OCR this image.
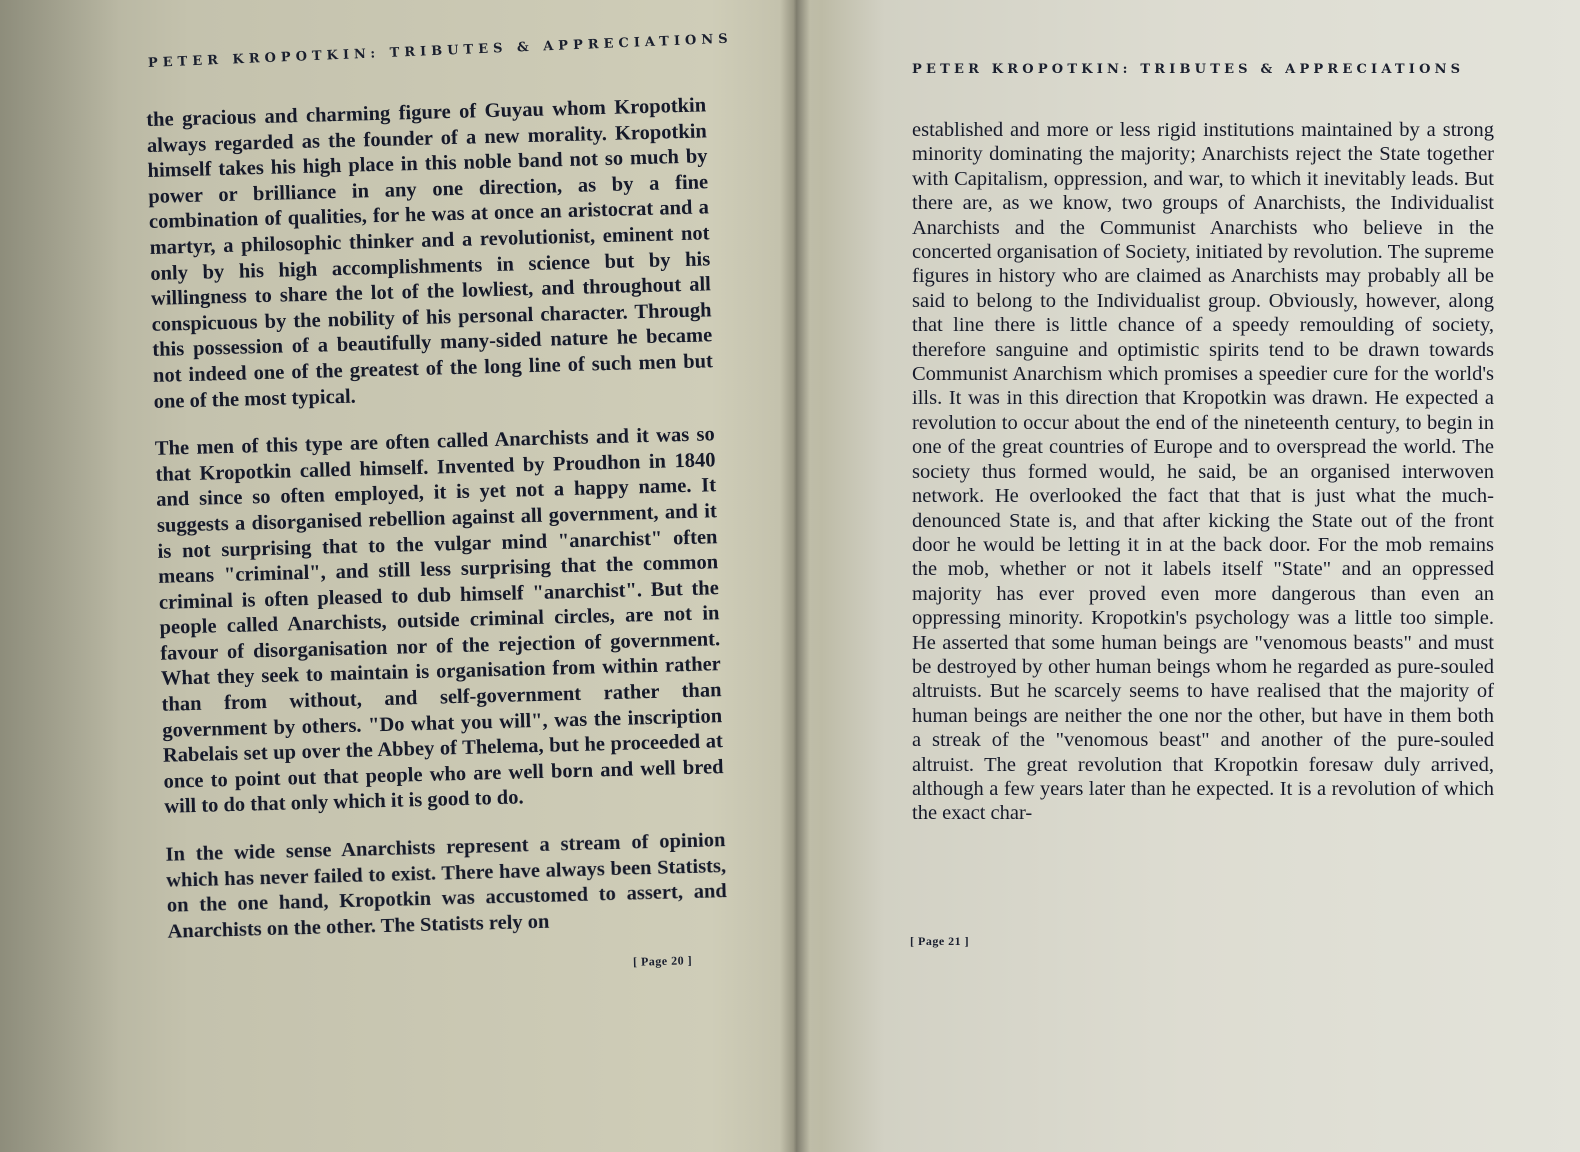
PETER KROPOTKIN: TRIBUTES & APPRECIATIONS

the gracious and charming figure of Guyau whom Kropotkin always regarded as the founder of a new morality. Kropotkin himself takes his high place in this noble band not so much by power or brilliance in any one direction, as by a fine combination of qualities, for he was at once an aristocrat and a martyr, a philosophic thinker and a revolutionist, eminent not only by his high accomplishments in science but by his willingness to share the lot of the lowliest, and throughout all conspicuous by the nobility of his personal character. Through this possession of a beautifully many-sided nature he became not indeed one of the greatest of the long line of such men but one of the most typical.

The men of this type are often called Anarchists and it was so that Kropotkin called himself. Invented by Proudhon in 1840 and since so often employed, it is yet not a happy name. It suggests a disorganised rebellion against all government, and it is not surprising that to the vulgar mind "anarchist" often means "criminal", and still less surprising that the common criminal is often pleased to dub himself "anarchist". But the people called Anarchists, outside criminal circles, are not in favour of disorganisation nor of the rejection of government. What they seek to maintain is organisation from within rather than from without, and self-government rather than government by others. "Do what you will", was the inscription Rabelais set up over the Abbey of Thelema, but he proceeded at once to point out that people who are well born and well bred will to do that only which it is good to do.

In the wide sense Anarchists represent a stream of opinion which has never failed to exist. There have always been Statists, on the one hand, Kropotkin was accustomed to assert, and Anarchists on the other. The Statists rely on

[ Page 20 ]
PETER KROPOTKIN: TRIBUTES & APPRECIATIONS

established and more or less rigid institutions maintained by a strong minority dominating the majority; Anarchists reject the State together with Capitalism, oppression, and war, to which it inevitably leads. But there are, as we know, two groups of Anarchists, the Individualist Anarchists and the Communist Anarchists who believe in the concerted organisation of Society, initiated by revolution. The supreme figures in history who are claimed as Anarchists may probably all be said to belong to the Individualist group. Obviously, however, along that line there is little chance of a speedy remoulding of society, therefore sanguine and optimistic spirits tend to be drawn towards Communist Anarchism which promises a speedier cure for the world's ills. It was in this direction that Kropotkin was drawn. He expected a revolution to occur about the end of the nineteenth century, to begin in one of the great countries of Europe and to overspread the world. The society thus formed would, he said, be an organised interwoven network. He overlooked the fact that that is just what the much-denounced State is, and that after kicking the State out of the front door he would be letting it in at the back door. For the mob remains the mob, whether or not it labels itself "State" and an oppressed majority has ever proved even more dangerous than even an oppressing minority. Kropotkin's psychology was a little too simple. He asserted that some human beings are "venomous beasts" and must be destroyed by other human beings whom he regarded as pure-souled altruists. But he scarcely seems to have realised that the majority of human beings are neither the one nor the other, but have in them both a streak of the "venomous beast" and another of the pure-souled altruist. The great revolution that Kropotkin foresaw duly arrived, although a few years later than he expected. It is a revolution of which the exact char-

[ Page 21 ]
